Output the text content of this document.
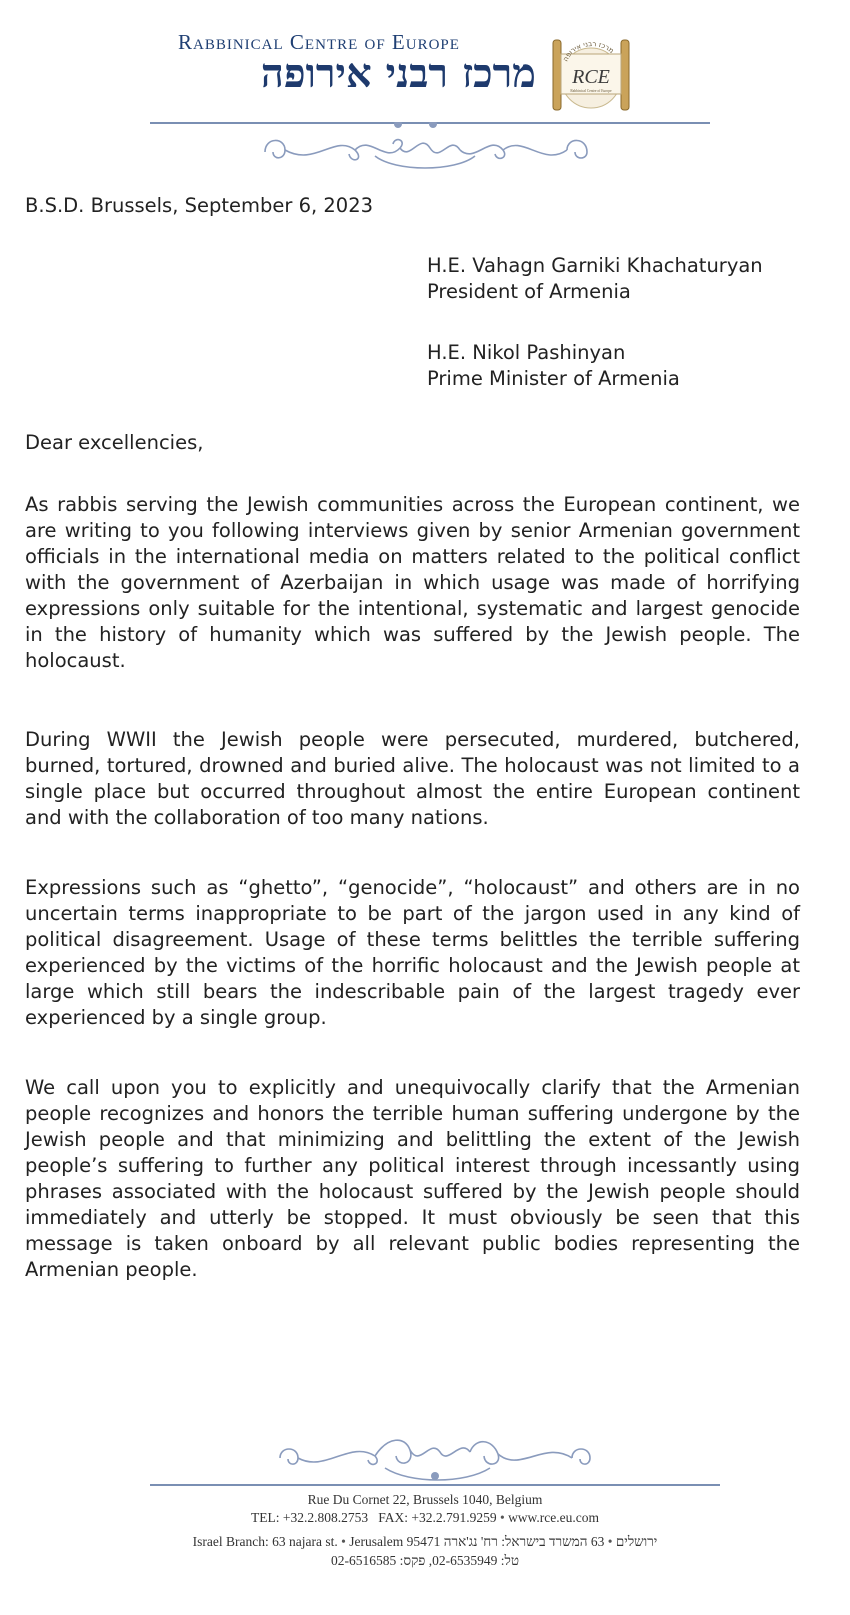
Rabbinical Centre of Europe
מרכז רבני אירופה	מרכז רבני אירופה
RCE
Rabbinical Centre of Europe
B.S.D. Brussels, September 6, 2023
H.E. Vahagn Garniki Khachaturyan
President of Armenia
H.E. Nikol Pashinyan
Prime Minister of Armenia
Dear excellencies,
As rabbis serving the Jewish communities across the European continent, we are writing to you following interviews given by senior Armenian government officials in the international media on matters related to the political conflict with the government of Azerbaijan in which usage was made of horrifying expressions only suitable for the intentional, systematic and largest genocide in the history of humanity which was suffered by the Jewish people. The holocaust.
During WWII the Jewish people were persecuted, murdered, butchered, burned, tortured, drowned and buried alive. The holocaust was not limited to a single place but occurred throughout almost the entire European continent and with the collaboration of too many nations.
Expressions such as “ghetto”, “genocide”, “holocaust” and others are in no uncertain terms inappropriate to be part of the jargon used in any kind of political disagreement. Usage of these terms belittles the terrible suffering experienced by the victims of the horrific holocaust and the Jewish people at large which still bears the indescribable pain of the largest tragedy ever experienced by a single group.
We call upon you to explicitly and unequivocally clarify that the Armenian people recognizes and honors the terrible human suffering undergone by the Jewish people and that minimizing and belittling the extent of the Jewish people’s suffering to further any political interest through incessantly using phrases associated with the holocaust suffered by the Jewish people should immediately and utterly be stopped. It must obviously be seen that this message is taken onboard by all relevant public bodies representing the Armenian people.
Rue Du Cornet 22, Brussels 1040, Belgium
TEL: +32.2.808.2753 FAX: +32.2.791.9259 • www.rce.eu.com
Israel Branch: 63 najara st. • Jerusalem 95471	ירושלים • 63 המשרד בישראל: רח' נג'ארה
טל: 02-6535949, פקס: 02-6516585
